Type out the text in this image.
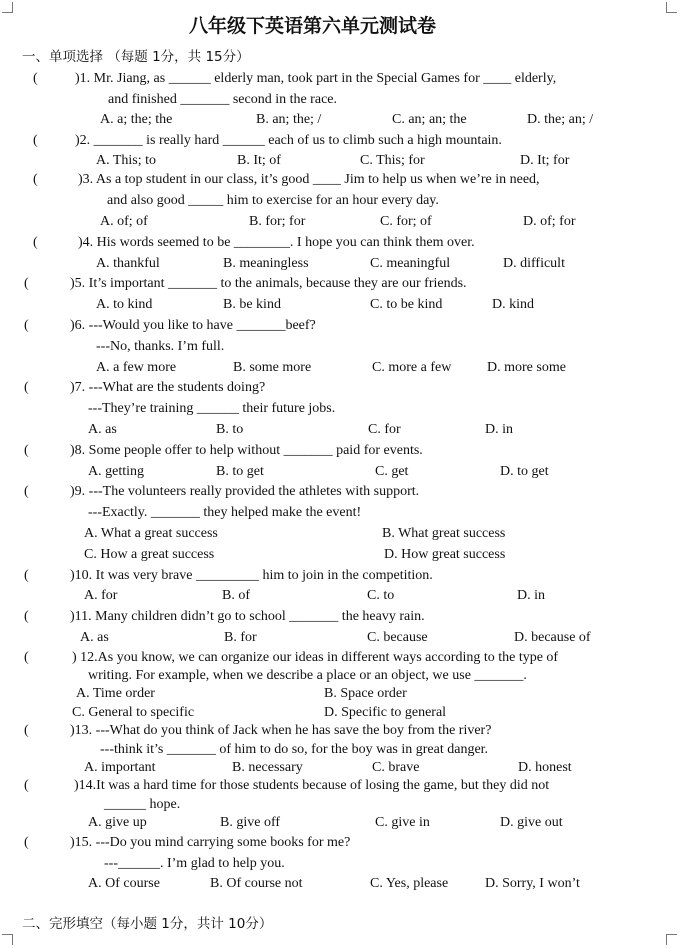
八年级下英语第六单元测试卷
一、单项选择 （每题 1分，共 15分）
(	)1. Mr. Jiang, as ______ elderly man, took part in the Special Games for ____ elderly,
and finished _______ second in the race.
A. a; the; the	B. an; the; /	C. an; an; the	D. the; an; /
(	)2. _______ is really hard ______ each of us to climb such a high mountain.
A. This; to	B. It; of	C. This; for	D. It; for
(	)3. As a top student in our class, it’s good ____ Jim to help us when we’re in need,
and also good _____ him to exercise for an hour every day.
A. of; of	B. for; for	C. for; of	D. of; for
(	)4. His words seemed to be ________. I hope you can think them over.
A. thankful	B. meaningless	C. meaningful	D. difficult
(	)5. It’s important _______ to the animals, because they are our friends.
A. to kind	B. be kind	C. to be kind	D. kind
(	)6. ---Would you like to have _______beef?
---No, thanks. I’m full.
A. a few more	B. some more	C. more a few	D. more some
(	)7. ---What are the students doing?
---They’re training ______ their future jobs.
A. as	B. to	C. for	D. in
(	)8. Some people offer to help without _______ paid for events.
A. getting	B. to get	C. get	D. to get
(	)9. ---The volunteers really provided the athletes with support.
---Exactly. _______ they helped make the event!
A. What a great success	B. What great success
C. How a great success	D. How great success
(	)10. It was very brave _________ him to join in the competition.
A. for	B. of	C. to	D. in
(	)11. Many children didn’t go to school _______ the heavy rain.
A. as	B. for	C. because	D. because of
(	) 12.As you know, we can organize our ideas in different ways according to the type of
writing. For example, when we describe a place or an object, we use _______.
A. Time order	B. Space order
C. General to specific	D. Specific to general
(	)13. ---What do you think of Jack when he has save the boy from the river?
---think it’s _______ of him to do so, for the boy was in great danger.
A. important	B. necessary	C. brave	D. honest
(	)14.It was a hard time for those students because of losing the game, but they did not
______ hope.
A. give up	B. give off	C. give in	D. give out
(	)15. ---Do you mind carrying some books for me?
---______. I’m glad to help you.
A. Of course	B. Of course not	C. Yes, please	D. Sorry, I won’t
二、完形填空（每小题 1分，共计 10分）
